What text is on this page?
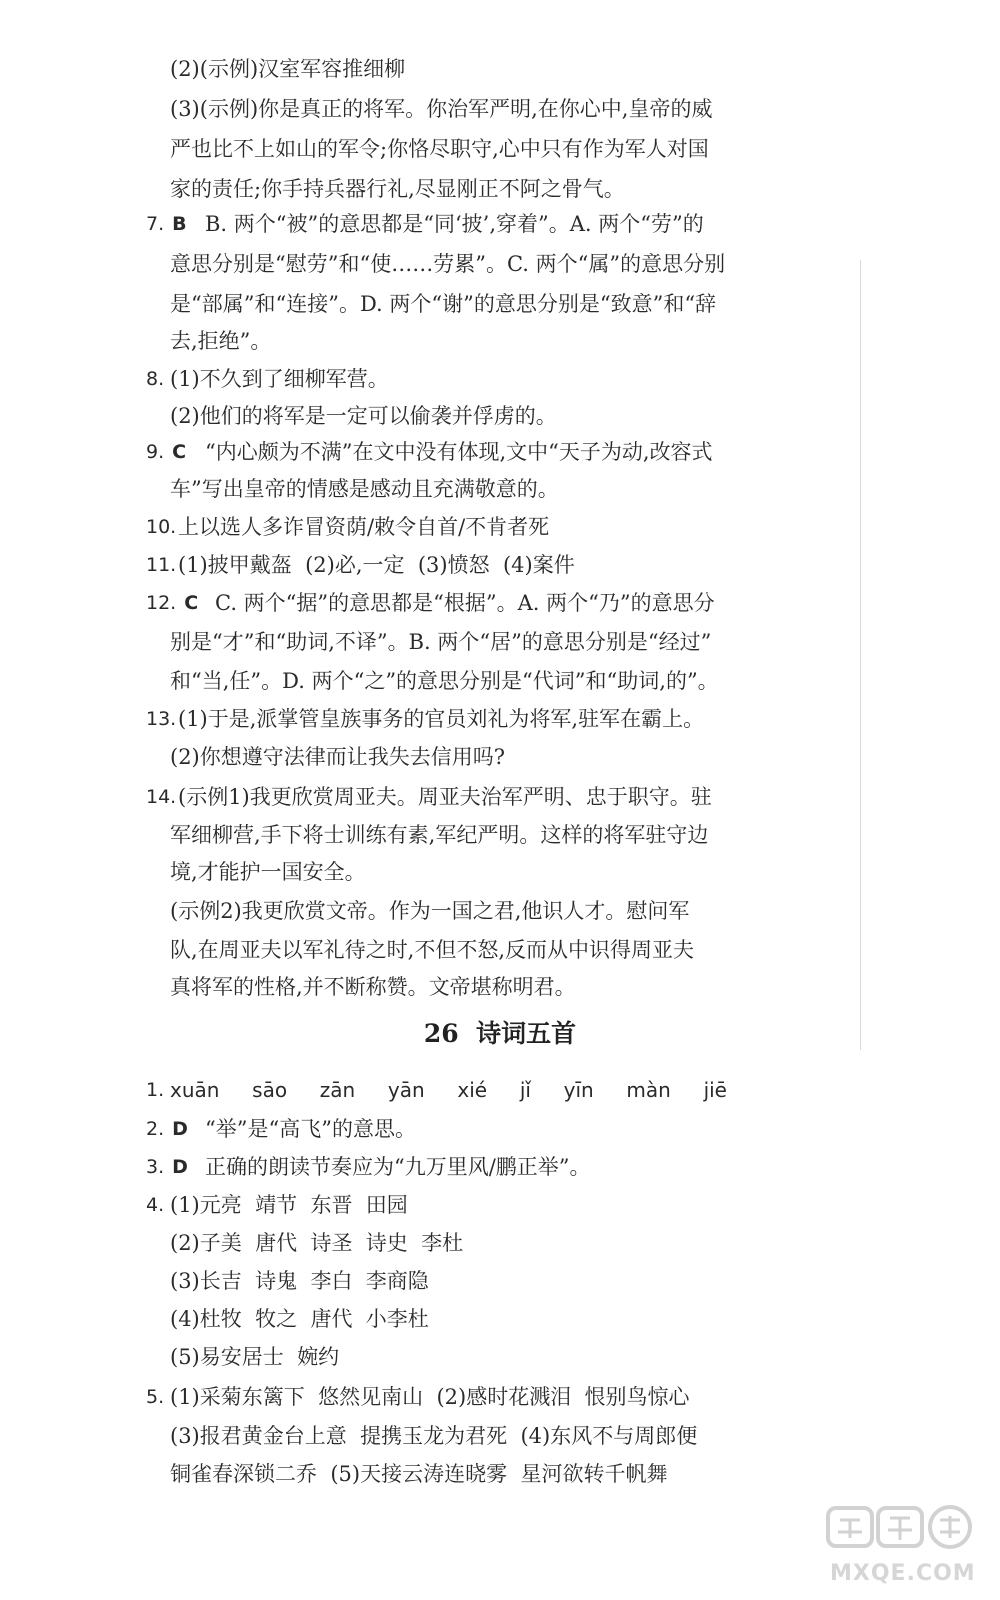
(2)(示例)汉室军容推细柳
(3)(示例)你是真正的将军。你治军严明,在你心中,皇帝的威
严也比不上如山的军令;你恪尽职守,心中只有作为军人对国
家的责任;你手持兵器行礼,尽显刚正不阿之骨气。
7. B B. 两个“被”的意思都是“同‘披’,穿着”。A. 两个“劳”的
意思分别是“慰劳”和“使……劳累”。C. 两个“属”的意思分别
是“部属”和“连接”。D. 两个“谢”的意思分别是“致意”和“辞
去,拒绝”。
8. (1)不久到了细柳军营。
(2)他们的将军是一定可以偷袭并俘虏的。
9. C “内心颇为不满”在文中没有体现,文中“天子为动,改容式
车”写出皇帝的情感是感动且充满敬意的。
10. 上以选人多诈冒资荫/敕令自首/不肯者死
11. (1)披甲戴盔  (2)必,一定  (3)愤怒  (4)案件
12. C C. 两个“据”的意思都是“根据”。A. 两个“乃”的意思分
别是“才”和“助词,不译”。B. 两个“居”的意思分别是“经过”
和“当,任”。D. 两个“之”的意思分别是“代词”和“助词,的”。
13. (1)于是,派掌管皇族事务的官员刘礼为将军,驻军在霸上。
(2)你想遵守法律而让我失去信用吗?
14. (示例1)我更欣赏周亚夫。周亚夫治军严明、忠于职守。驻
军细柳营,手下将士训练有素,军纪严明。这样的将军驻守边
境,才能护一国安全。
(示例2)我更欣赏文帝。作为一国之君,他识人才。慰问军
队,在周亚夫以军礼待之时,不但不怒,反而从中识得周亚夫
真将军的性格,并不断称赞。文帝堪称明君。
26  诗词五首
1. xuān  sāo  zān  yān  xié  jǐ  yīn  màn  jiē
2. D “举”是“高飞”的意思。
3. D 正确的朗读节奏应为“九万里风/鹏正举”。
4. (1)元亮  靖节  东晋  田园
(2)子美  唐代  诗圣  诗史  李杜
(3)长吉  诗鬼  李白  李商隐
(4)杜牧  牧之  唐代  小李杜
(5)易安居士  婉约
5. (1)采菊东篱下  悠然见南山  (2)感时花溅泪  恨别鸟惊心
(3)报君黄金台上意  提携玉龙为君死  (4)东风不与周郎便
铜雀春深锁二乔  (5)天接云涛连晓雾  星河欲转千帆舞
MXQE.COM
